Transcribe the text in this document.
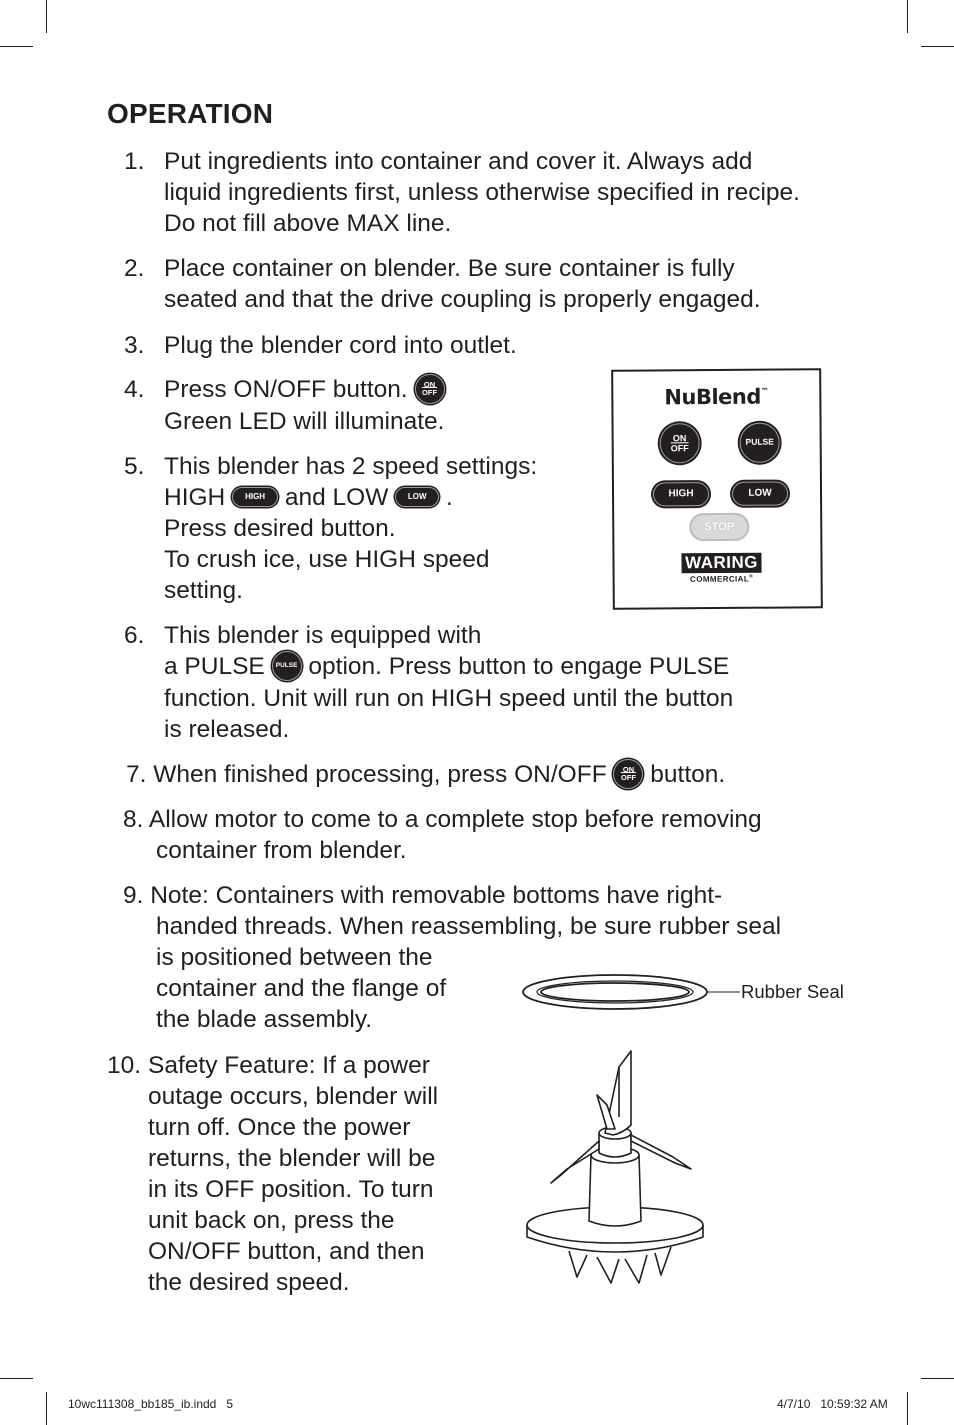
OPERATION
1. Put ingredients into container and cover it. Always add
liquid ingredients first, unless otherwise specified in recipe.
Do not fill above MAX line.
2. Place container on blender. Be sure container is fully
seated and that the drive coupling is properly engaged.
3. Plug the blender cord into outlet.
4. Press ON/OFF button. ON
$\overline{OFF}$
Green LED will illuminate.
5. This blender has 2 speed settings:
HIGH HIGH and LOW LOW .
Press desired button.
To crush ice, use HIGH speed
setting.
6. This blender is equipped with
a PULSE PULSE option. Press button to engage PULSE
function. Unit will run on HIGH speed until the button
is released.
7. When finished processing, press ON/OFF ON
$\overline{OFF}$ button.
8. Allow motor to come to a complete stop before removing
container from blender.
9. Note: Containers with removable bottoms have right-
handed threads. When reassembling, be sure rubber seal
is positioned between the
container and the flange of
the blade assembly.
10. Safety Feature: If a power
outage occurs, blender will
turn off. Once the power
returns, the blender will be
in its OFF position. To turn
unit back on, press the
ON/OFF button, and then
the desired speed.
NuBlend™
ON
$\overline{OFF}$
PULSE
HIGH	LOW
STOP
WARING
COMMERCIAL®
Rubber Seal
10wc111308_bb185_ib.indd   5	4/7/10   10:59:32 AM
